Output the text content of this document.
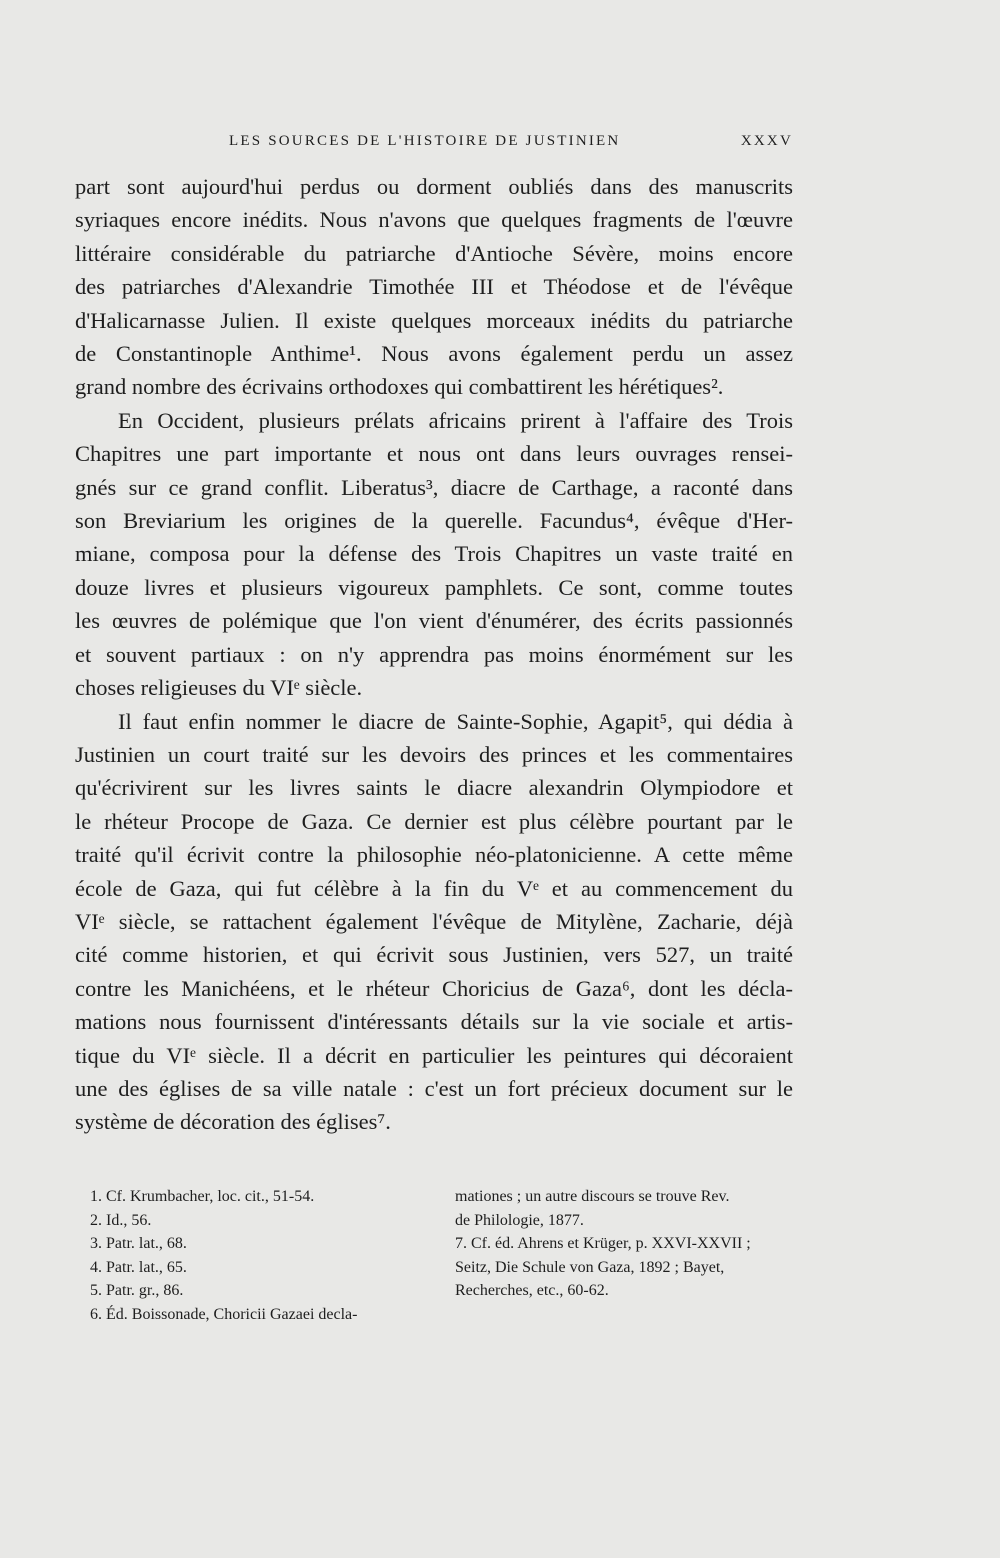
LES SOURCES DE L'HISTOIRE DE JUSTINIEN	XXXV

part sont aujourd'hui perdus ou dorment oubliés dans des manuscrits
syriaques encore inédits. Nous n'avons que quelques fragments de l'œuvre
littéraire considérable du patriarche d'Antioche Sévère, moins encore
des patriarches d'Alexandrie Timothée III et Théodose et de l'évêque
d'Halicarnasse Julien. Il existe quelques morceaux inédits du patriarche
de Constantinople Anthime¹. Nous avons également perdu un assez
grand nombre des écrivains orthodoxes qui combattirent les hérétiques².

En Occident, plusieurs prélats africains prirent à l'affaire des Trois
Chapitres une part importante et nous ont dans leurs ouvrages rensei-
gnés sur ce grand conflit. Liberatus³, diacre de Carthage, a raconté dans
son Breviarium les origines de la querelle. Facundus⁴, évêque d'Her-
miane, composa pour la défense des Trois Chapitres un vaste traité en
douze livres et plusieurs vigoureux pamphlets. Ce sont, comme toutes
les œuvres de polémique que l'on vient d'énumérer, des écrits passionnés
et souvent partiaux : on n'y apprendra pas moins énormément sur les
choses religieuses du VIᵉ siècle.

Il faut enfin nommer le diacre de Sainte-Sophie, Agapit⁵, qui dédia à
Justinien un court traité sur les devoirs des princes et les commentaires
qu'écrivirent sur les livres saints le diacre alexandrin Olympiodore et
le rhéteur Procope de Gaza. Ce dernier est plus célèbre pourtant par le
traité qu'il écrivit contre la philosophie néo-platonicienne. A cette même
école de Gaza, qui fut célèbre à la fin du Vᵉ et au commencement du
VIᵉ siècle, se rattachent également l'évêque de Mitylène, Zacharie, déjà
cité comme historien, et qui écrivit sous Justinien, vers 527, un traité
contre les Manichéens, et le rhéteur Choricius de Gaza⁶, dont les décla-
mations nous fournissent d'intéressants détails sur la vie sociale et artis-
tique du VIᵉ siècle. Il a décrit en particulier les peintures qui décoraient
une des églises de sa ville natale : c'est un fort précieux document sur le
système de décoration des églises⁷.

1. Cf. Krumbacher, loc. cit., 51-54.
2. Id., 56.
3. Patr. lat., 68.
4. Patr. lat., 65.
5. Patr. gr., 86.
6. Éd. Boissonade, Choricii Gazaei decla-
mationes ; un autre discours se trouve Rev.
de Philologie, 1877.
7. Cf. éd. Ahrens et Krüger, p. XXVI-XXVII ;
Seitz, Die Schule von Gaza, 1892 ; Bayet,
Recherches, etc., 60-62.
